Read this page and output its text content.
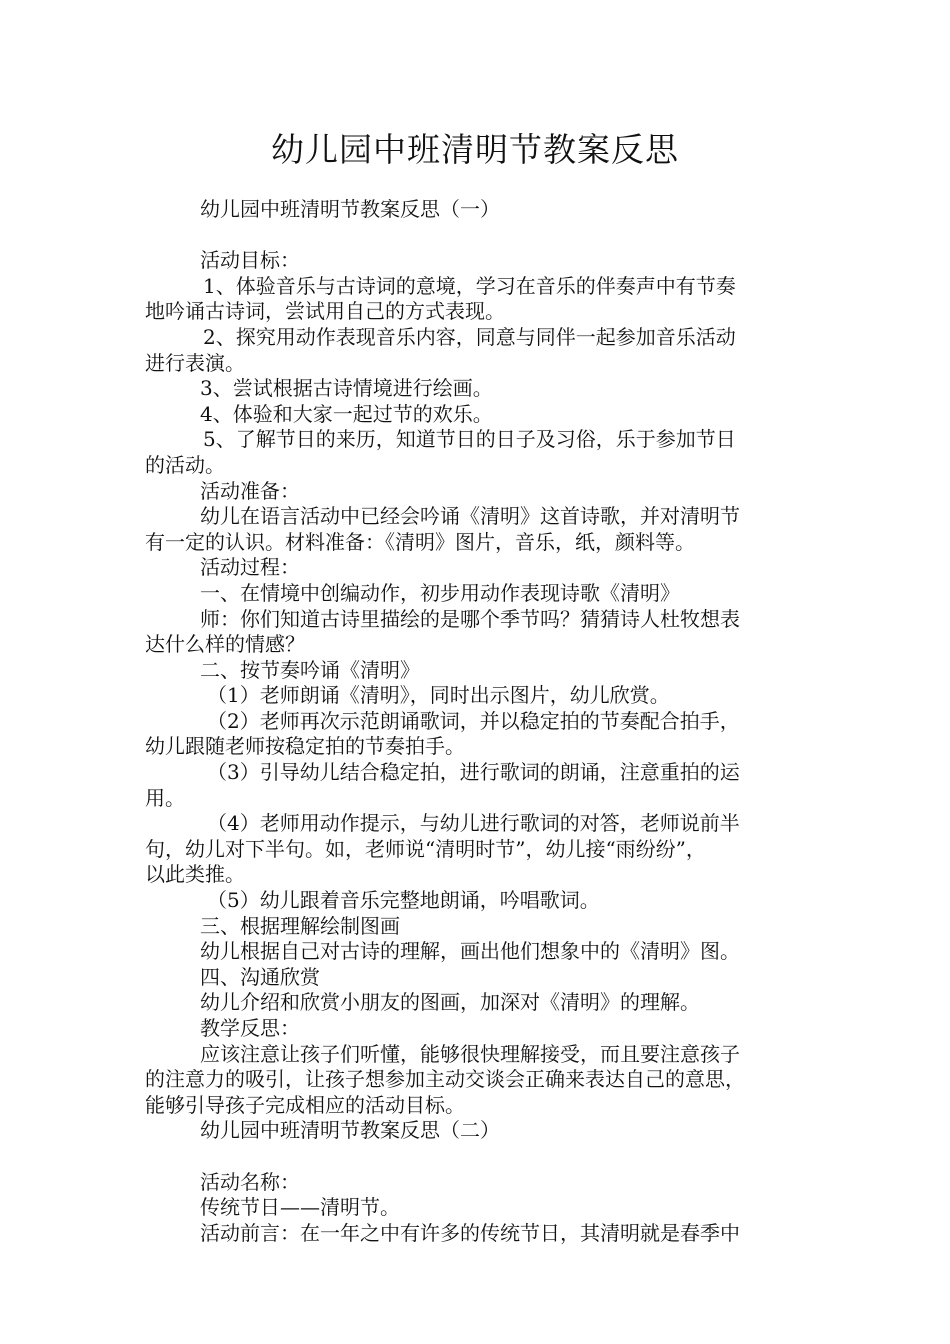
幼儿园中班清明节教案反思

幼儿园中班清明节教案反思（一）

活动目标：

1、体验音乐与古诗词的意境，学习在音乐的伴奏声中有节奏

地吟诵古诗词，尝试用自己的方式表现。

2、探究用动作表现音乐内容，同意与同伴一起参加音乐活动

进行表演。

3、尝试根据古诗情境进行绘画。

4、体验和大家一起过节的欢乐。

5、了解节日的来历，知道节日的日子及习俗，乐于参加节日

的活动。

活动准备：

幼儿在语言活动中已经会吟诵《清明》这首诗歌，并对清明节

有一定的认识。材料准备：《清明》图片，音乐，纸，颜料等。

活动过程：

一、在情境中创编动作，初步用动作表现诗歌《清明》

师：你们知道古诗里描绘的是哪个季节吗？猜猜诗人杜牧想表

达什么样的情感？

二、按节奏吟诵《清明》

（1）老师朗诵《清明》，同时出示图片，幼儿欣赏。

（2）老师再次示范朗诵歌词，并以稳定拍的节奏配合拍手，

幼儿跟随老师按稳定拍的节奏拍手。

（3）引导幼儿结合稳定拍，进行歌词的朗诵，注意重拍的运

用。

（4）老师用动作提示，与幼儿进行歌词的对答，老师说前半

句，幼儿对下半句。如，老师说“清明时节”，幼儿接“雨纷纷”，

以此类推。

（5）幼儿跟着音乐完整地朗诵，吟唱歌词。

三、根据理解绘制图画

幼儿根据自己对古诗的理解，画出他们想象中的《清明》图。

四、沟通欣赏

幼儿介绍和欣赏小朋友的图画，加深对《清明》的理解。

教学反思：

应该注意让孩子们听懂，能够很快理解接受，而且要注意孩子

的注意力的吸引，让孩子想参加主动交谈会正确来表达自己的意思，

能够引导孩子完成相应的活动目标。

幼儿园中班清明节教案反思（二）

活动名称：

传统节日——清明节。

活动前言：在一年之中有许多的传统节日，其清明就是春季中
